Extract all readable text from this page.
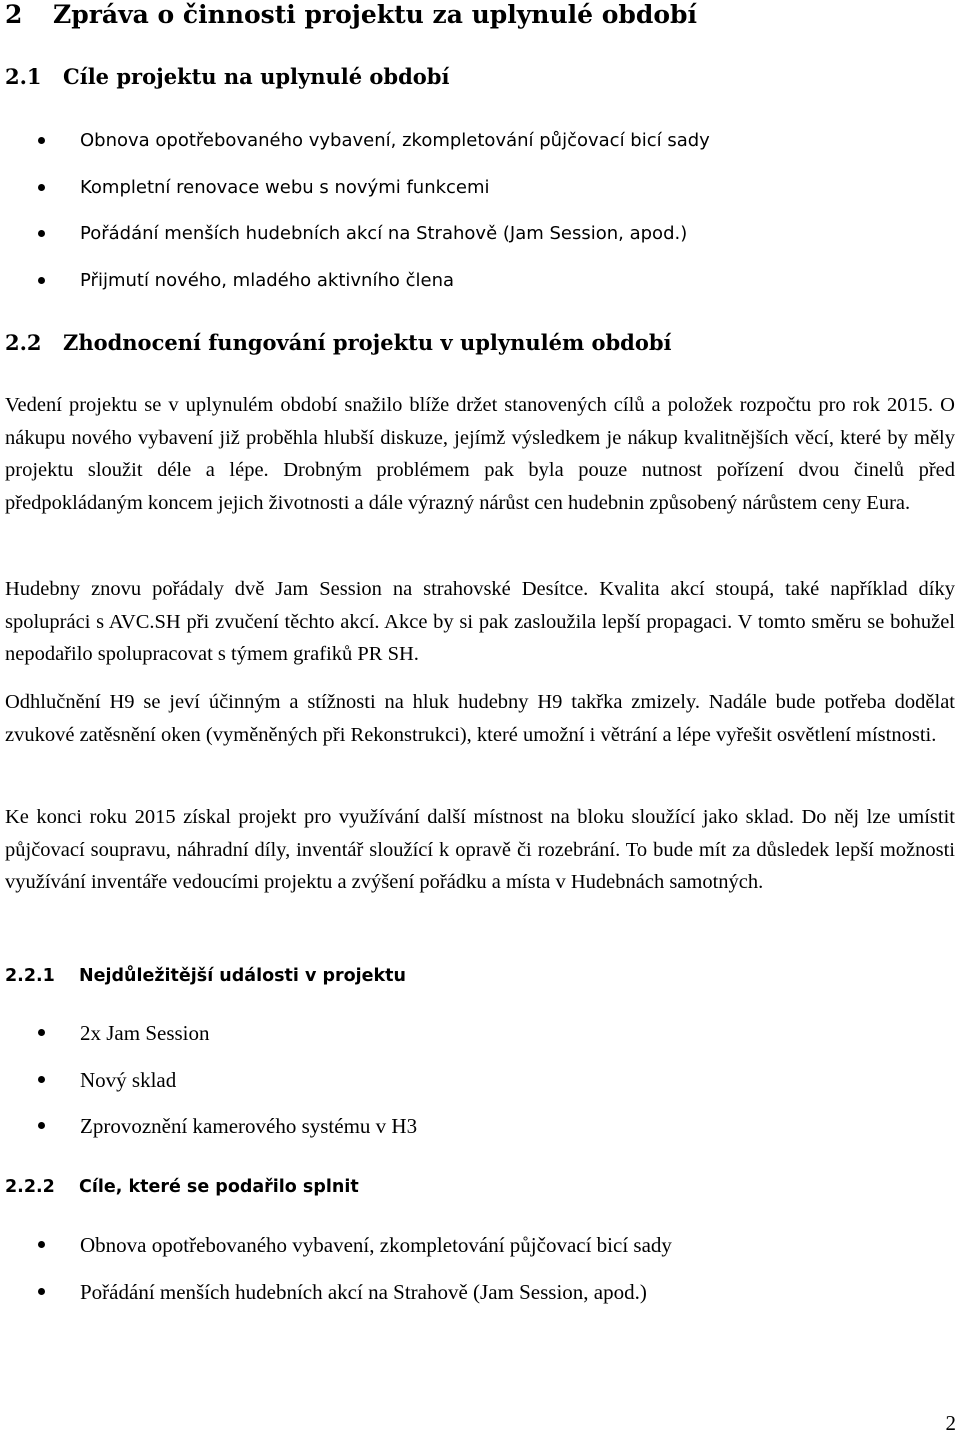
2 Zpráva o činnosti projektu za uplynulé období
2.1 Cíle projektu na uplynulé období
Obnova opotřebovaného vybavení, zkompletování půjčovací bicí sady
Kompletní renovace webu s novými funkcemi
Pořádání menších hudebních akcí na Strahově (Jam Session, apod.)
Přijmutí nového, mladého aktivního člena
2.2 Zhodnocení fungování projektu v uplynulém období

Vedení projektu se v uplynulém období snažilo blíže držet stanovených cílů a položek rozpočtu pro rok 2015. O nákupu nového vybavení již proběhla hlubší diskuze, jejímž výsledkem je nákup kvalitnějších věcí, které by měly projektu sloužit déle a lépe. Drobným problémem pak byla pouze nutnost pořízení dvou činelů před předpokládaným koncem jejich životnosti a dále výrazný nárůst cen hudebnin způsobený nárůstem ceny Eura.

Hudebny znovu pořádaly dvě Jam Session na strahovské Desítce. Kvalita akcí stoupá, také například díky spolupráci s AVC.SH při zvučení těchto akcí. Akce by si pak zasloužila lepší propagaci. V tomto směru se bohužel nepodařilo spolupracovat s týmem grafiků PR SH.

Odhlučnění H9 se jeví účinným a stížnosti na hluk hudebny H9 takřka zmizely. Nadále bude potřeba dodělat zvukové zatěsnění oken (vyměněných při Rekonstrukci), které umožní i větrání a lépe vyřešit osvětlení místnosti.

Ke konci roku 2015 získal projekt pro využívání další místnost na bloku sloužící jako sklad. Do něj lze umístit půjčovací soupravu, náhradní díly, inventář sloužící k opravě či rozebrání. To bude mít za důsledek lepší možnosti využívání inventáře vedoucími projektu a zvýšení pořádku a místa v Hudebnách samotných.

2.2.1 Nejdůležitější události v projektu
2x Jam Session
Nový sklad
Zprovoznění kamerového systému v H3
2.2.2 Cíle, které se podařilo splnit
Obnova opotřebovaného vybavení, zkompletování půjčovací bicí sady
Pořádání menších hudebních akcí na Strahově (Jam Session, apod.)
2
